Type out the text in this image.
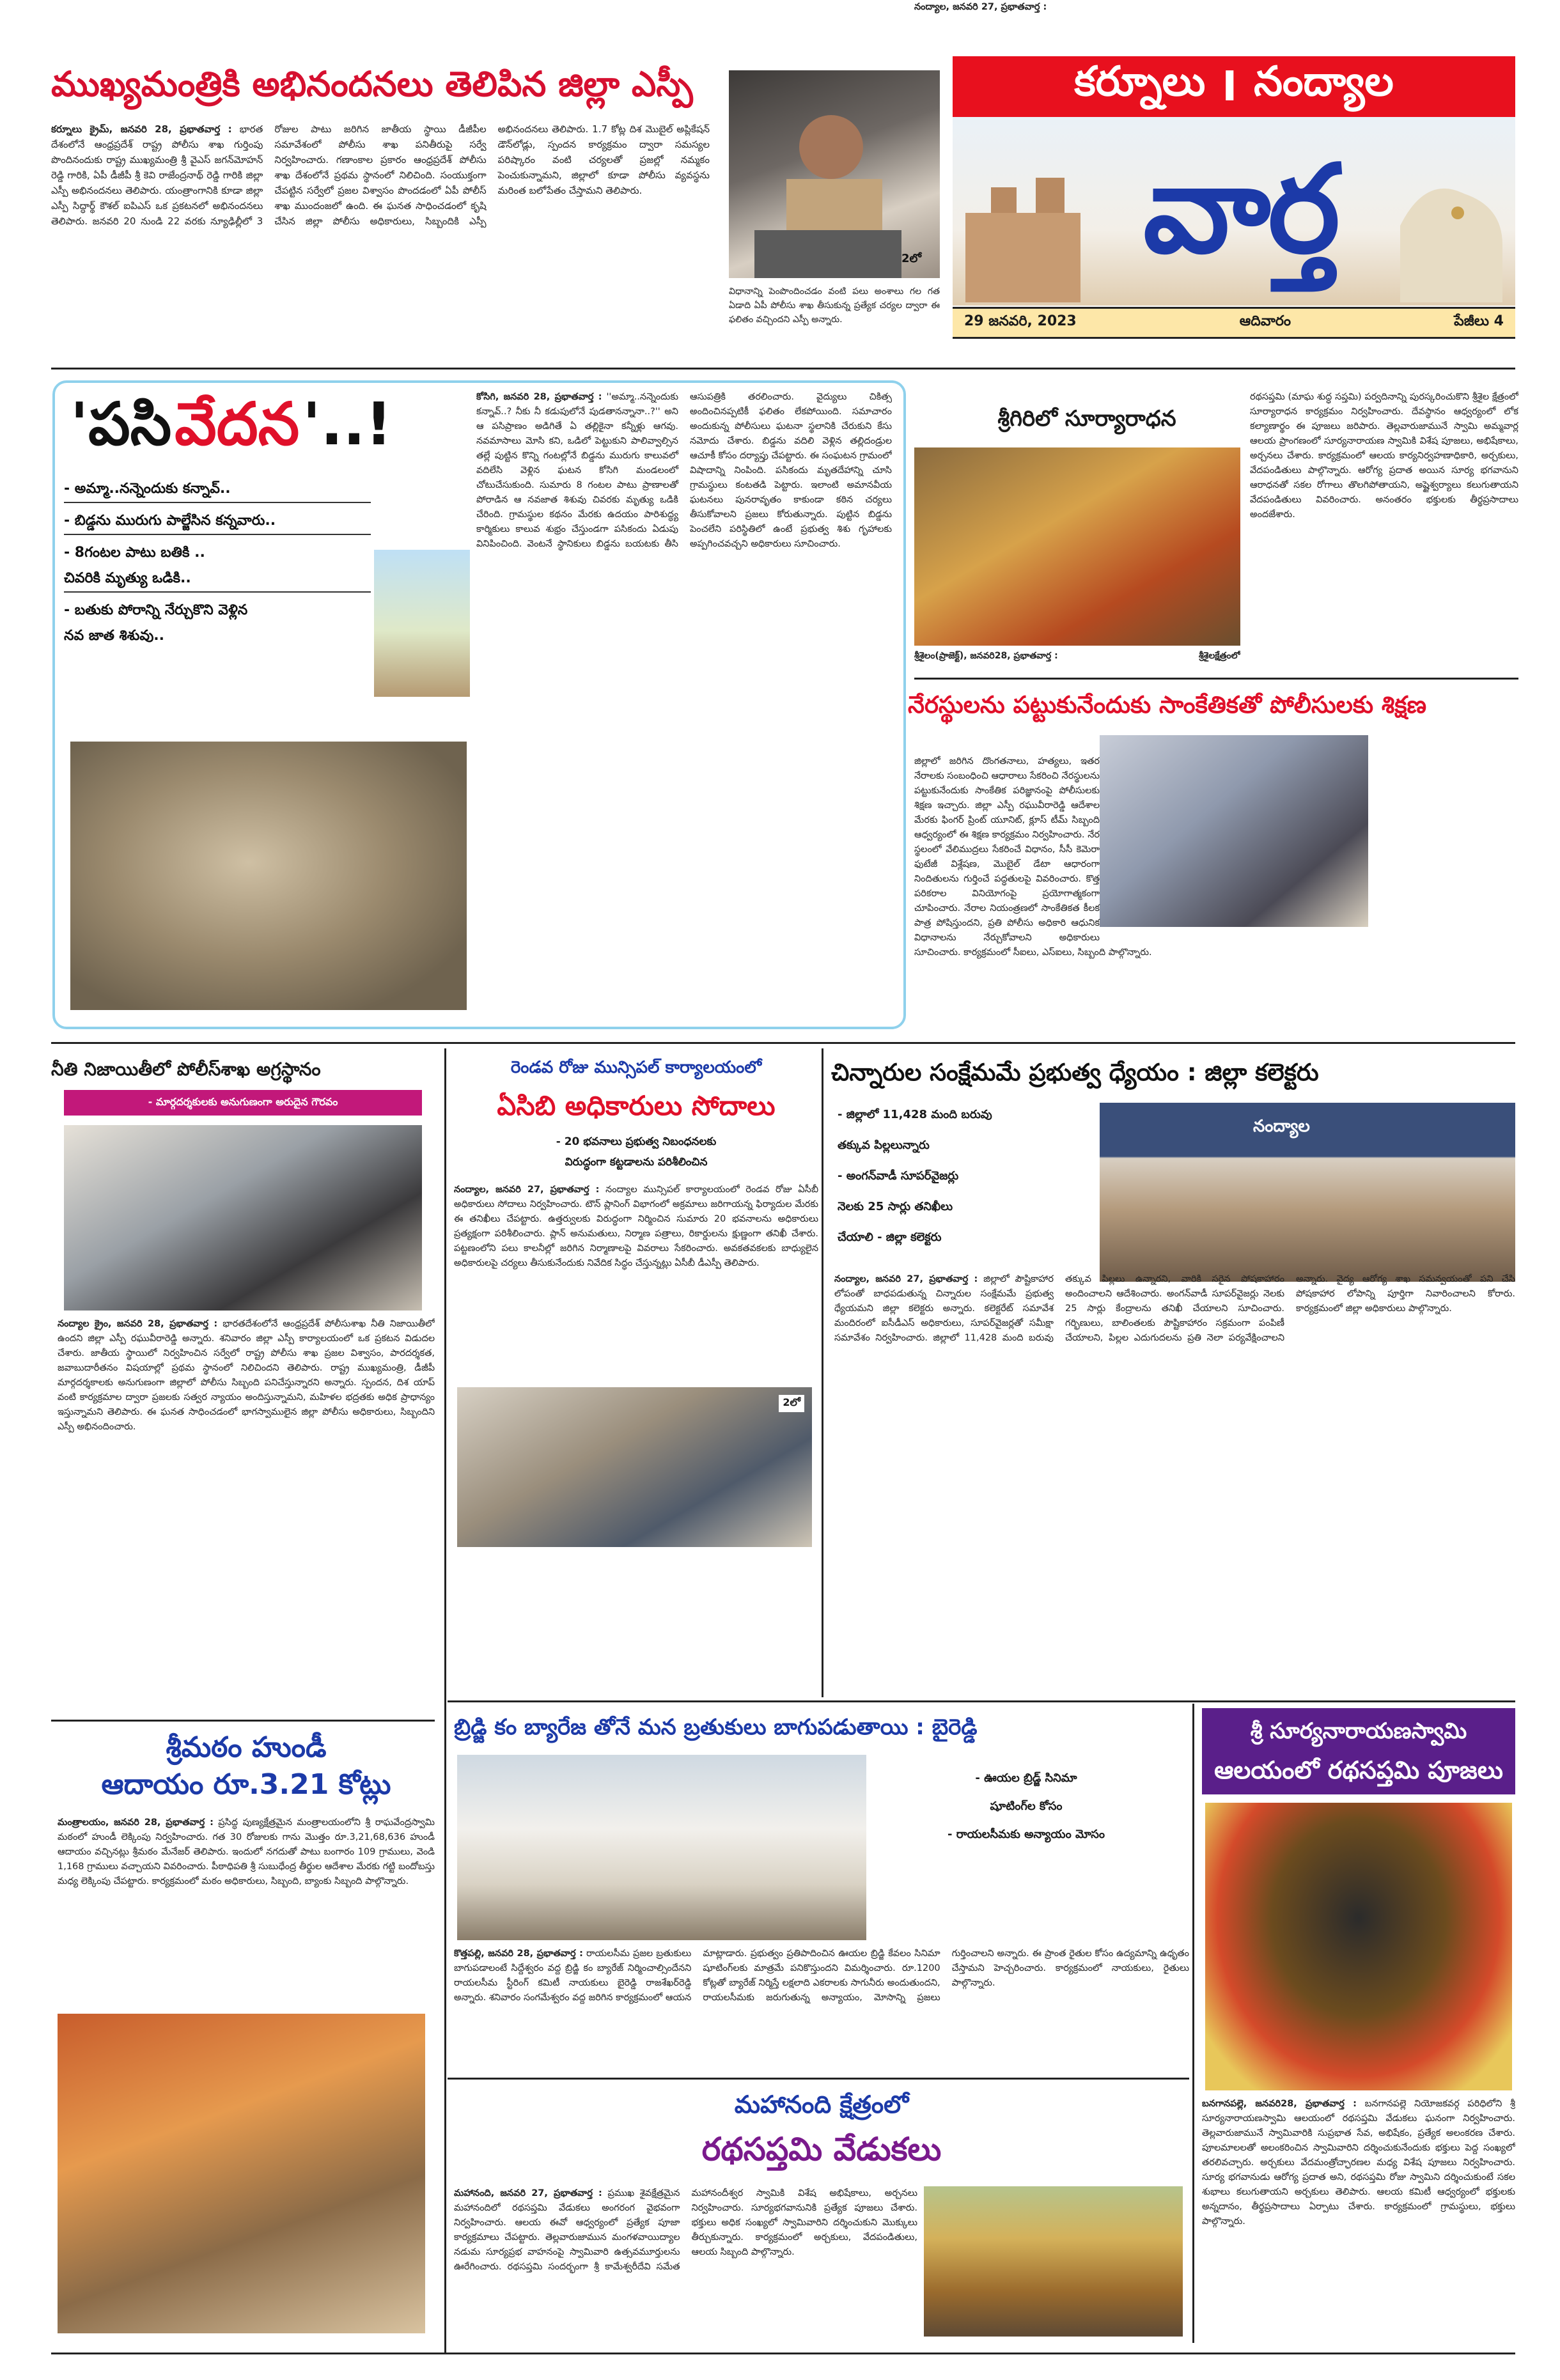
ముఖ్యమంత్రికి అభినందనలు తెలిపిన జిల్లా ఎస్పీ
కర్నూలు క్రైమ్, జనవరి 28, ప్రభాతవార్త : భారత దేశంలోనే ఆంధ్రప్రదేశ్ రాష్ట్ర పోలీసు శాఖ గుర్తింపు పొందినందుకు రాష్ట్ర ముఖ్యమంత్రి శ్రీ వైఎస్ జగన్‌మోహన్ రెడ్డి గారికి, ఏపీ డీజీపీ శ్రీ కెవి రాజేంద్రనాథ్ రెడ్డి గారికి జిల్లా ఎస్పీ అభినందనలు తెలిపారు. యంత్రాంగానికి కూడా జిల్లా ఎస్పీ సిద్ధార్థ్ కౌశల్ ఐపిఎస్ ఒక ప్రకటనలో అభినందనలు తెలిపారు. జనవరి 20 నుండి 22 వరకు న్యూఢిల్లీలో 3 రోజుల పాటు జరిగిన జాతీయ స్థాయి డీజీపీల సమావేశంలో పోలీసు శాఖ పనితీరుపై సర్వే నిర్వహించారు. గణాంకాల ప్రకారం ఆంధ్రప్రదేశ్ పోలీసు శాఖ దేశంలోనే ప్రథమ స్థానంలో నిలిచింది. సంయుక్తంగా చేపట్టిన సర్వేలో ప్రజల విశ్వాసం పొందడంలో ఏపీ పోలీస్ శాఖ ముందంజలో ఉంది. ఈ ఘనత సాధించడంలో కృషి చేసిన జిల్లా పోలీసు అధికారులు, సిబ్బందికి ఎస్పీ అభినందనలు తెలిపారు. 1.7 కోట్ల దిశ మొబైల్ అప్లికేషన్ డౌన్‌లోడ్లు, స్పందన కార్యక్రమం ద్వారా సమస్యల పరిష్కారం వంటి చర్యలతో ప్రజల్లో నమ్మకం పెంచుకున్నామని, జిల్లాలో కూడా పోలీసు వ్యవస్థను మరింత బలోపేతం చేస్తామని తెలిపారు.
2లో
విధానాన్ని పెంపొందించడం వంటి పలు అంశాలు గల గత ఏడాది ఏపీ పోలీసు శాఖ తీసుకున్న ప్రత్యేక చర్యల ద్వారా ఈ ఫలితం వచ్చిందని ఎస్పీ అన్నారు.
కర్నూలు I నంద్యాల
వార్త
29 జనవరి, 2023	ఆదివారం	పేజీలు 4
'పసి వేదన '..!
- అమ్మా..నన్నెందుకు కన్నావ్..
- బిడ్డను మురుగు పాల్జేసిన కన్నవారు..
- 8గంటల పాటు బతికి ..
చివరికి మృత్యు ఒడికి..
- బతుకు పోరాన్ని నేర్చుకొని వెళ్లిన
నవ జాత శిశువు..
కోసిగి, జనవరి 28, ప్రభాతవార్త : ''అమ్మా..నన్నెందుకు కన్నావ్..? నీకు నీ కడుపులోనే పుడతానన్నానా..?'' అని ఆ పసిప్రాణం అడిగితే ఏ తల్లికైనా కన్నీళ్లు ఆగవు. నవమాసాలు మోసి కని, ఒడిలో పెట్టుకుని పాలివ్వాల్సిన తల్లే పుట్టిన కొన్ని గంటల్లోనే బిడ్డను మురుగు కాలువలో వదిలేసి వెళ్లిన ఘటన కోసిగి మండలంలో చోటుచేసుకుంది. సుమారు 8 గంటల పాటు ప్రాణాలతో పోరాడిన ఆ నవజాత శిశువు చివరకు మృత్యు ఒడికి చేరింది. గ్రామస్థుల కథనం మేరకు ఉదయం పారిశుద్ధ్య కార్మికులు కాలువ శుభ్రం చేస్తుండగా పసికందు ఏడుపు వినిపించింది. వెంటనే స్థానికులు బిడ్డను బయటకు తీసి ఆసుపత్రికి తరలించారు. వైద్యులు చికిత్స అందించినప్పటికీ ఫలితం లేకపోయింది. సమాచారం అందుకున్న పోలీసులు ఘటనా స్థలానికి చేరుకుని కేసు నమోదు చేశారు. బిడ్డను వదిలి వెళ్లిన తల్లిదండ్రుల ఆచూకీ కోసం దర్యాప్తు చేపట్టారు. ఈ సంఘటన గ్రామంలో విషాదాన్ని నింపింది. పసికందు మృతదేహాన్ని చూసి గ్రామస్థులు కంటతడి పెట్టారు. ఇలాంటి అమానవీయ ఘటనలు పునరావృతం కాకుండా కఠిన చర్యలు తీసుకోవాలని ప్రజలు కోరుతున్నారు. పుట్టిన బిడ్డను పెంచలేని పరిస్థితిలో ఉంటే ప్రభుత్వ శిశు గృహాలకు అప్పగించవచ్చని అధికారులు సూచించారు.
శ్రీగిరిలో సూర్యారాధన
శ్రీశైలం(ప్రాజెక్ట్), జనవరి28, ప్రభాతవార్త :	శ్రీశైలక్షేత్రంలో
రథసప్తమి (మాఘ శుద్ధ సప్తమి) పర్వదినాన్ని పురస్కరించుకొని శ్రీశైల క్షేత్రంలో సూర్యారాధన కార్యక్రమం నిర్వహించారు. దేవస్థానం ఆధ్వర్యంలో లోక కల్యాణార్థం ఈ పూజలు జరిపారు. తెల్లవారుజామునే స్వామి అమ్మవార్ల ఆలయ ప్రాంగణంలో సూర్యనారాయణ స్వామికి విశేష పూజలు, అభిషేకాలు, అర్చనలు చేశారు. కార్యక్రమంలో ఆలయ కార్యనిర్వహణాధికారి, అర్చకులు, వేదపండితులు పాల్గొన్నారు. ఆరోగ్య ప్రదాత అయిన సూర్య భగవానుని ఆరాధనతో సకల రోగాలు తొలగిపోతాయని, అష్టైశ్వర్యాలు కలుగుతాయని వేదపండితులు వివరించారు. అనంతరం భక్తులకు తీర్థప్రసాదాలు అందజేశారు.
నేరస్థులను పట్టుకునేందుకు సాంకేతికతో పోలీసులకు శిక్షణ
నంద్యాల, జనవరి 27, ప్రభాతవార్త :
జిల్లాలో జరిగిన దొంగతనాలు, హత్యలు, ఇతర నేరాలకు సంబంధించి ఆధారాలు సేకరించి నేరస్థులను పట్టుకునేందుకు సాంకేతిక పరిజ్ఞానంపై పోలీసులకు శిక్షణ ఇచ్చారు. జిల్లా ఎస్పీ రఘువీరారెడ్డి ఆదేశాల మేరకు ఫింగర్ ప్రింట్ యూనిట్, క్లూస్ టీమ్ సిబ్బంది ఆధ్వర్యంలో ఈ శిక్షణ కార్యక్రమం నిర్వహించారు. నేర స్థలంలో వేలిముద్రలు సేకరించే విధానం, సీసీ కెమెరా ఫుటేజీ విశ్లేషణ, మొబైల్ డేటా ఆధారంగా నిందితులను గుర్తించే పద్ధతులపై వివరించారు. కొత్త పరికరాల వినియోగంపై ప్రయోగాత్మకంగా చూపించారు. నేరాల నియంత్రణలో సాంకేతికత కీలక పాత్ర పోషిస్తుందని, ప్రతి పోలీసు అధికారి ఆధునిక విధానాలను నేర్చుకోవాలని అధికారులు సూచించారు. కార్యక్రమంలో సీఐలు, ఎస్ఐలు, సిబ్బంది పాల్గొన్నారు.
నీతి నిజాయితీలో పోలీస్‌శాఖ అగ్రస్థానం
- మార్గదర్శకులకు అనుగుణంగా అరుదైన గౌరవం
నంద్యాల క్రైం, జనవరి 28, ప్రభాతవార్త : భారతదేశంలోనే ఆంధ్రప్రదేశ్ పోలీసుశాఖ నీతి నిజాయితీలో ఉందని జిల్లా ఎస్పీ రఘువీరారెడ్డి అన్నారు. శనివారం జిల్లా ఎస్పీ కార్యాలయంలో ఒక ప్రకటన విడుదల చేశారు. జాతీయ స్థాయిలో నిర్వహించిన సర్వేలో రాష్ట్ర పోలీసు శాఖ ప్రజల విశ్వాసం, పారదర్శకత, జవాబుదారీతనం విషయాల్లో ప్రథమ స్థానంలో నిలిచిందని తెలిపారు. రాష్ట్ర ముఖ్యమంత్రి, డీజీపీ మార్గదర్శకాలకు అనుగుణంగా జిల్లాలో పోలీసు సిబ్బంది పనిచేస్తున్నారని అన్నారు. స్పందన, దిశ యాప్ వంటి కార్యక్రమాల ద్వారా ప్రజలకు సత్వర న్యాయం అందిస్తున్నామని, మహిళల భద్రతకు అధిక ప్రాధాన్యం ఇస్తున్నామని తెలిపారు. ఈ ఘనత సాధించడంలో భాగస్వాములైన జిల్లా పోలీసు అధికారులు, సిబ్బందిని ఎస్పీ అభినందించారు.
శ్రీమఠం హుండీ
ఆదాయం రూ.3.21 కోట్లు
మంత్రాలయం, జనవరి 28, ప్రభాతవార్త : ప్రసిద్ధ పుణ్యక్షేత్రమైన మంత్రాలయంలోని శ్రీ రాఘవేంద్రస్వామి మఠంలో హుండీ లెక్కింపు నిర్వహించారు. గత 30 రోజులకు గాను మొత్తం రూ.3,21,68,636 హుండీ ఆదాయం వచ్చినట్లు శ్రీమఠం మేనేజర్ తెలిపారు. ఇందులో నగదుతో పాటు బంగారం 109 గ్రాములు, వెండి 1,168 గ్రాములు వచ్చాయని వివరించారు. పీఠాధిపతి శ్రీ సుబుధేంద్ర తీర్థుల ఆదేశాల మేరకు గట్టి బందోబస్తు మధ్య లెక్కింపు చేపట్టారు. కార్యక్రమంలో మఠం అధికారులు, సిబ్బంది, బ్యాంకు సిబ్బంది పాల్గొన్నారు.
రెండవ రోజు మున్సిపల్ కార్యాలయంలో
ఏసిబి అధికారులు సోదాలు
- 20 భవనాలు ప్రభుత్వ నిబంధనలకు
విరుద్ధంగా కట్టడాలను పరిశీలించిన
నంద్యాల, జనవరి 27, ప్రభాతవార్త : నంద్యాల మున్సిపల్ కార్యాలయంలో రెండవ రోజు ఏసీబీ అధికారులు సోదాలు నిర్వహించారు. టౌన్ ప్లానింగ్ విభాగంలో అక్రమాలు జరిగాయన్న ఫిర్యాదుల మేరకు ఈ తనిఖీలు చేపట్టారు. ఉత్తర్వులకు విరుద్ధంగా నిర్మించిన సుమారు 20 భవనాలను అధికారులు ప్రత్యక్షంగా పరిశీలించారు. ప్లాన్ అనుమతులు, నిర్మాణ పత్రాలు, రికార్డులను క్షుణ్ణంగా తనిఖీ చేశారు. పట్టణంలోని పలు కాలనీల్లో జరిగిన నిర్మాణాలపై వివరాలు సేకరించారు. అవకతవకలకు బాధ్యులైన అధికారులపై చర్యలు తీసుకునేందుకు నివేదిక సిద్ధం చేస్తున్నట్లు ఏసీబీ డీఎస్పీ తెలిపారు.
2లో
చిన్నారుల సంక్షేమమే ప్రభుత్వ ధ్యేయం : జిల్లా కలెక్టరు
- జిల్లాలో 11,428 మంది బరువు
తక్కువ పిల్లలున్నారు
- అంగన్‌వాడీ సూపర్‌వైజర్లు
నెలకు 25 సార్లు తనిఖీలు
చేయాలి - జిల్లా కలెక్టరు
నంద్యాల
నంద్యాల, జనవరి 27, ప్రభాతవార్త : జిల్లాలో పౌష్టికాహార లోపంతో బాధపడుతున్న చిన్నారుల సంక్షేమమే ప్రభుత్వ ధ్యేయమని జిల్లా కలెక్టరు అన్నారు. కలెక్టరేట్ సమావేశ మందిరంలో ఐసీడీఎస్ అధికారులు, సూపర్‌వైజర్లతో సమీక్షా సమావేశం నిర్వహించారు. జిల్లాలో 11,428 మంది బరువు తక్కువ పిల్లలు ఉన్నారని, వారికి సరైన పోషకాహారం అందించాలని ఆదేశించారు. అంగన్‌వాడీ సూపర్‌వైజర్లు నెలకు 25 సార్లు కేంద్రాలను తనిఖీ చేయాలని సూచించారు. గర్భిణులు, బాలింతలకు పౌష్టికాహారం సక్రమంగా పంపిణీ చేయాలని, పిల్లల ఎదుగుదలను ప్రతి నెలా పర్యవేక్షించాలని అన్నారు. వైద్య ఆరోగ్య శాఖ సమన్వయంతో పని చేసి పోషకాహార లోపాన్ని పూర్తిగా నివారించాలని కోరారు. కార్యక్రమంలో జిల్లా అధికారులు పాల్గొన్నారు.
బ్రిడ్జి కం బ్యారేజ తోనే మన బ్రతుకులు బాగుపడుతాయి : బైరెడ్డి
- ఊయల బ్రిడ్జ్ సినిమా
షూటింగ్‌ల కోసం
- రాయలసీమకు అన్యాయం మోసం
కొత్తపల్లి, జనవరి 28, ప్రభాతవార్త : రాయలసీమ ప్రజల బ్రతుకులు బాగుపడాలంటే సిద్దేశ్వరం వద్ద బ్రిడ్జి కం బ్యారేజ్ నిర్మించాల్సిందేనని రాయలసీమ స్టీరింగ్ కమిటీ నాయకులు బైరెడ్డి రాజశేఖర్‌రెడ్డి అన్నారు. శనివారం సంగమేశ్వరం వద్ద జరిగిన కార్యక్రమంలో ఆయన మాట్లాడారు. ప్రభుత్వం ప్రతిపాదించిన ఊయల బ్రిడ్జి కేవలం సినిమా షూటింగ్‌లకు మాత్రమే పనికొస్తుందని విమర్శించారు. రూ.1200 కోట్లతో బ్యారేజ్ నిర్మిస్తే లక్షలాది ఎకరాలకు సాగునీరు అందుతుందని, రాయలసీమకు జరుగుతున్న అన్యాయం, మోసాన్ని ప్రజలు గుర్తించాలని అన్నారు. ఈ ప్రాంత రైతుల కోసం ఉద్యమాన్ని ఉధృతం చేస్తామని హెచ్చరించారు. కార్యక్రమంలో నాయకులు, రైతులు పాల్గొన్నారు.
మహానంది క్షేత్రంలో
రథసప్తమి వేడుకలు
మహానంది, జనవరి 27, ప్రభాతవార్త : ప్రముఖ శైవక్షేత్రమైన మహానందిలో రథసప్తమి వేడుకలు అంగరంగ వైభవంగా నిర్వహించారు. ఆలయ ఈవో ఆధ్వర్యంలో ప్రత్యేక పూజా కార్యక్రమాలు చేపట్టారు. తెల్లవారుజామున మంగళవాయిద్యాల నడుమ సూర్యప్రభ వాహనంపై స్వామివారి ఉత్సవమూర్తులను ఊరేగించారు. రథసప్తమి సందర్భంగా శ్రీ కామేశ్వరీదేవి సమేత మహానందీశ్వర స్వామికి విశేష అభిషేకాలు, అర్చనలు నిర్వహించారు. సూర్యభగవానునికి ప్రత్యేక పూజలు చేశారు. భక్తులు అధిక సంఖ్యలో స్వామివారిని దర్శించుకుని మొక్కులు తీర్చుకున్నారు. కార్యక్రమంలో అర్చకులు, వేదపండితులు, ఆలయ సిబ్బంది పాల్గొన్నారు.
శ్రీ సూర్యనారాయణస్వామి
ఆలయంలో రథసప్తమి పూజలు
బనగానపల్లె, జనవరి28, ప్రభాతవార్త : బనగానపల్లె నియోజకవర్గ పరిధిలోని శ్రీ సూర్యనారాయణస్వామి ఆలయంలో రథసప్తమి వేడుకలు ఘనంగా నిర్వహించారు. తెల్లవారుజామునే స్వామివారికి సుప్రభాత సేవ, అభిషేకం, ప్రత్యేక అలంకరణ చేశారు. పూలమాలలతో అలంకరించిన స్వామివారిని దర్శించుకునేందుకు భక్తులు పెద్ద సంఖ్యలో తరలివచ్చారు. అర్చకులు వేదమంత్రోచ్ఛారణల మధ్య విశేష పూజలు నిర్వహించారు. సూర్య భగవానుడు ఆరోగ్య ప్రదాత అని, రథసప్తమి రోజు స్వామిని దర్శించుకుంటే సకల శుభాలు కలుగుతాయని అర్చకులు తెలిపారు. ఆలయ కమిటీ ఆధ్వర్యంలో భక్తులకు అన్నదానం, తీర్థప్రసాదాలు ఏర్పాటు చేశారు. కార్యక్రమంలో గ్రామస్థులు, భక్తులు పాల్గొన్నారు.
